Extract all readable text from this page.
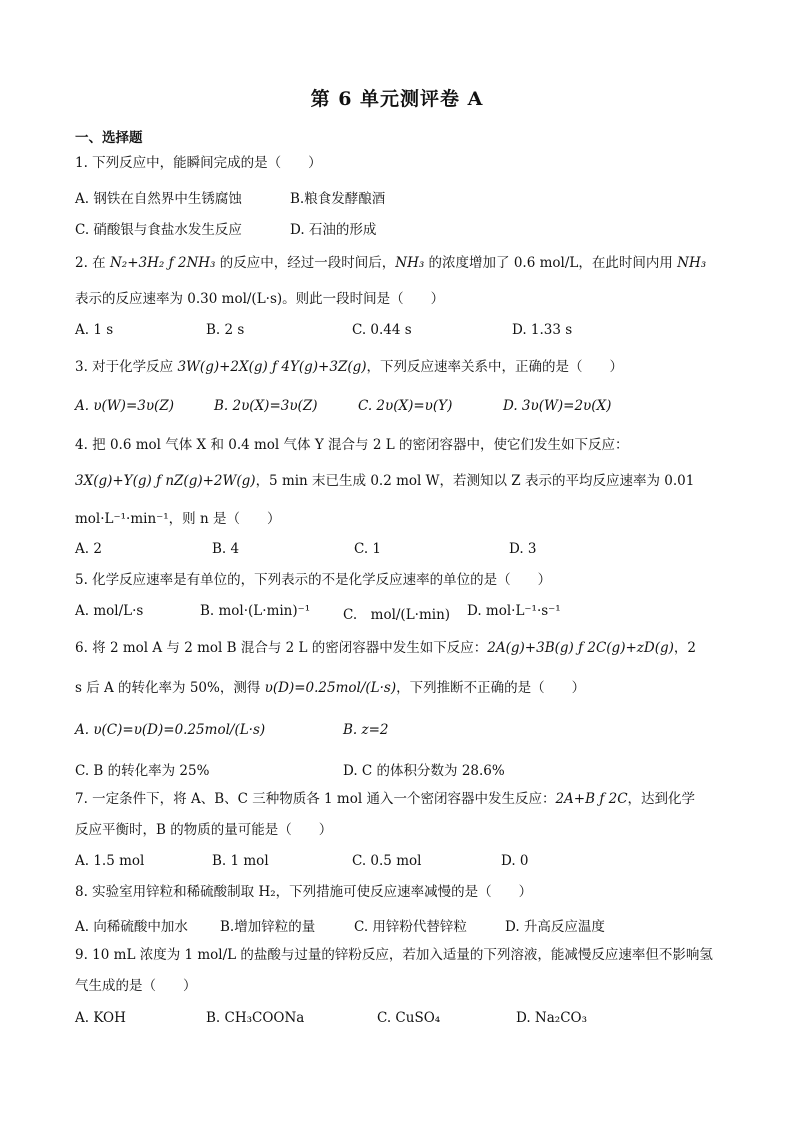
第 6 单元测评卷 A
一、选择题
1. 下列反应中，能瞬间完成的是（　　）
A. 钢铁在自然界中生锈腐蚀	B.粮食发酵酿酒
C. 硝酸银与食盐水发生反应	D. 石油的形成
2. 在 N₂+3H₂ ƒ 2NH₃ 的反应中，经过一段时间后，NH₃ 的浓度增加了 0.6 mol/L，在此时间内用 NH₃
表示的反应速率为 0.30 mol/(L·s)。则此一段时间是（　　）
A. 1 s	B. 2 s	C. 0.44 s	D. 1.33 s
3. 对于化学反应 3W(g)+2X(g) ƒ 4Y(g)+3Z(g)，下列反应速率关系中，正确的是（　　）
A. υ(W)=3υ(Z)	B. 2υ(X)=3υ(Z)	C. 2υ(X)=υ(Y)	D. 3υ(W)=2υ(X)
4. 把 0.6 mol 气体 X 和 0.4 mol 气体 Y 混合与 2 L 的密闭容器中，使它们发生如下反应：
3X(g)+Y(g) ƒ nZ(g)+2W(g)，5 min 末已生成 0.2 mol W，若测知以 Z 表示的平均反应速率为 0.01
mol·L⁻¹·min⁻¹，则 n 是（　　）
A. 2	B. 4	C. 1	D. 3
5. 化学反应速率是有单位的，下列表示的不是化学反应速率的单位的是（　　）
A. mol/L·s	B. mol·(L·min)⁻¹ C.　mol/(L·min) D. mol·L⁻¹·s⁻¹
6. 将 2 mol A 与 2 mol B 混合与 2 L 的密闭容器中发生如下反应：2A(g)+3B(g) ƒ 2C(g)+zD(g)，2
s 后 A 的转化率为 50%，测得 υ(D)=0.25mol/(L·s)，下列推断不正确的是（　　）
A. υ(C)=υ(D)=0.25mol/(L·s)	B. z=2
C. B 的转化率为 25%	D. C 的体积分数为 28.6%
7. 一定条件下，将 A、B、C 三种物质各 1 mol 通入一个密闭容器中发生反应：2A+B ƒ 2C，达到化学
反应平衡时，B 的物质的量可能是（　　）
A. 1.5 mol	B. 1 mol	C. 0.5 mol	D. 0
8. 实验室用锌粒和稀硫酸制取 H₂，下列措施可使反应速率减慢的是（　　）
A. 向稀硫酸中加水 B.增加锌粒的量	C. 用锌粉代替锌粒	D. 升高反应温度
9. 10 mL 浓度为 1 mol/L 的盐酸与过量的锌粉反应，若加入适量的下列溶液，能减慢反应速率但不影响氢
气生成的是（　　）
A. KOH	B. CH₃COONa	C. CuSO₄	D. Na₂CO₃
